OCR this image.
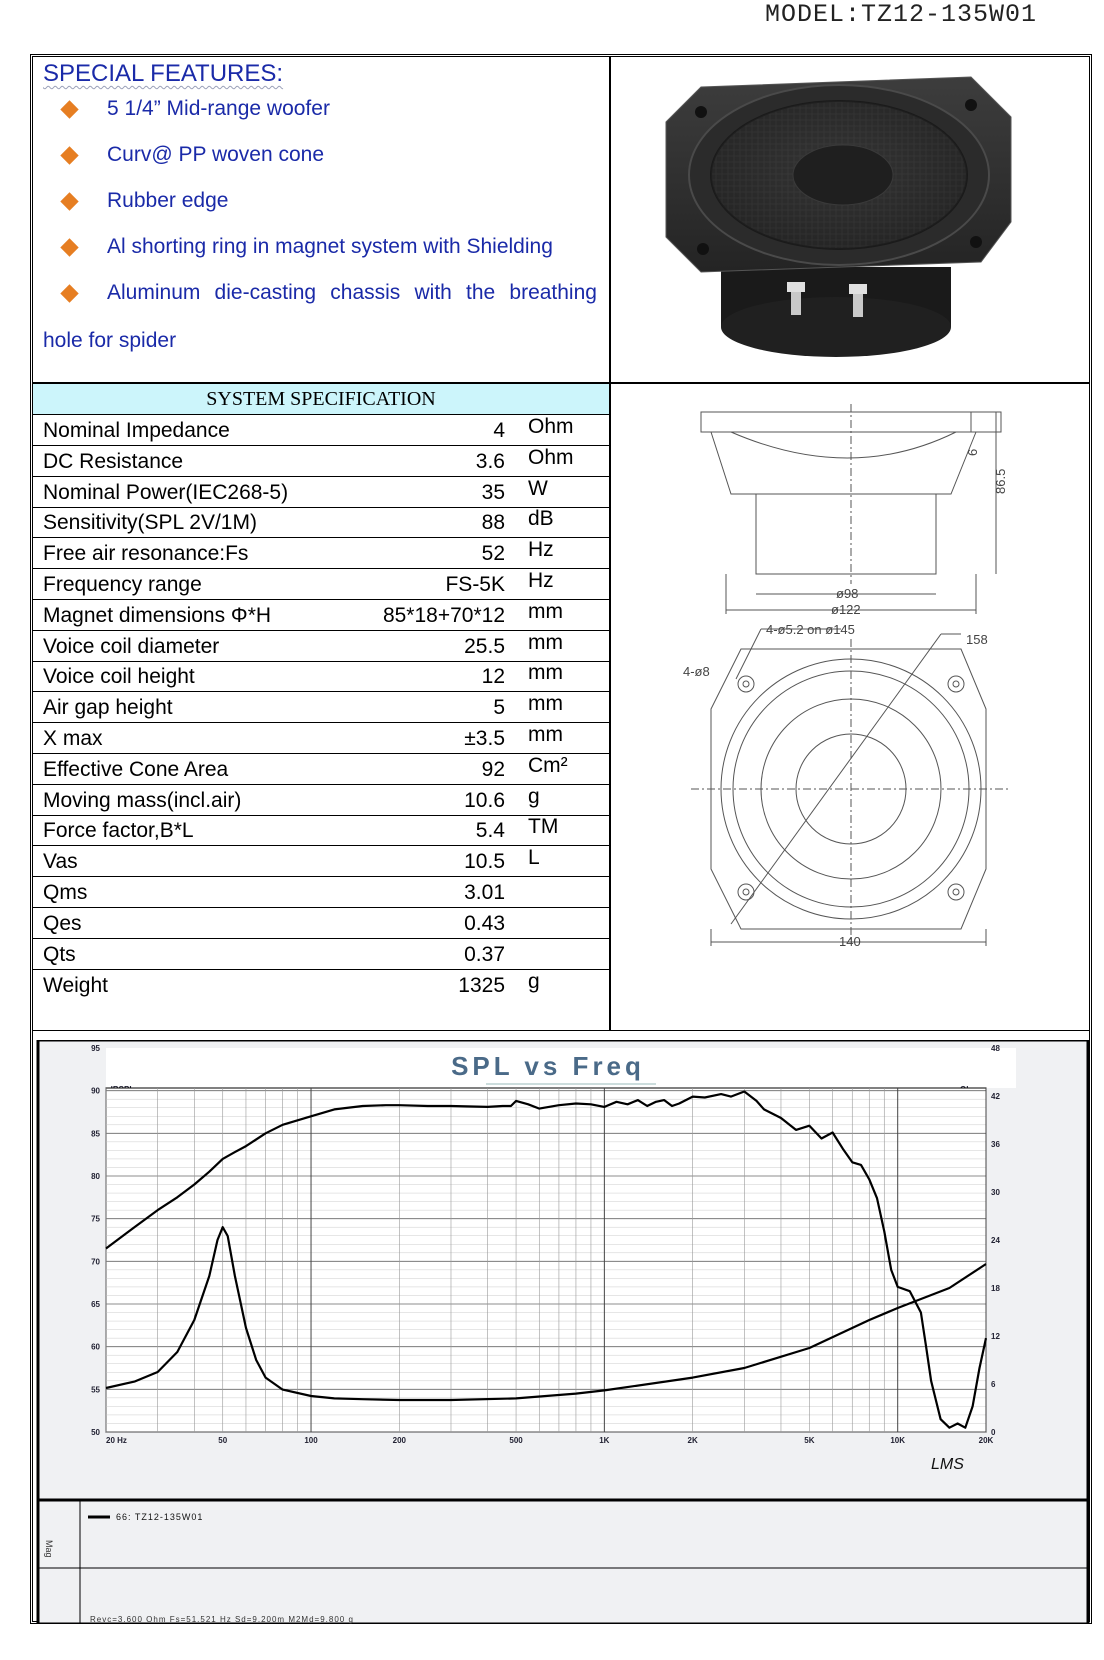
MODEL:TZ12-135W01
SPECIAL FEATURES:
5 1/4” Mid-range woofer
Curv@ PP woven cone
Rubber edge
Al shorting ring in magnet system with Shielding
Aluminum die-casting chassis with the breathing
hole for spider
SYSTEM SPECIFICATION
Nominal Impedance	4 Ohm
DC Resistance	3.6 Ohm
Nominal Power(IEC268-5)	35 W
Sensitivity(SPL 2V/1M)	88 dB
Free air resonance:Fs	52 Hz
Frequency range	FS-5K Hz
Magnet dimensions Φ*H	85*18+70*12 mm
Voice coil diameter	25.5 mm
Voice coil height	12 mm
Air gap height	5 mm
X max	±3.5 mm
Effective Cone Area	92 Cm²
Moving mass(incl.air)	10.6 g
Force factor,B*L	5.4 TM
Vas	10.5 L
Qms	3.01
Qes	0.43
Qts	0.37
Weight	1325 g
6
86.5
ø98
ø122
4-ø5.2 on ø145
158
4-ø8
140
SPL vs Freq
95
90
85
80
75
70
65
60
55
50
48
42
36
30
24
18
12
6
0
20 Hz	50	100	200	500	1K	2K	5K	10K	20K
LMS
66: TZ12-135W01
Mag
Revc=3.600 Ohm Fs=51.521 Hz Sd=9.200m M2Md=9.800 g
